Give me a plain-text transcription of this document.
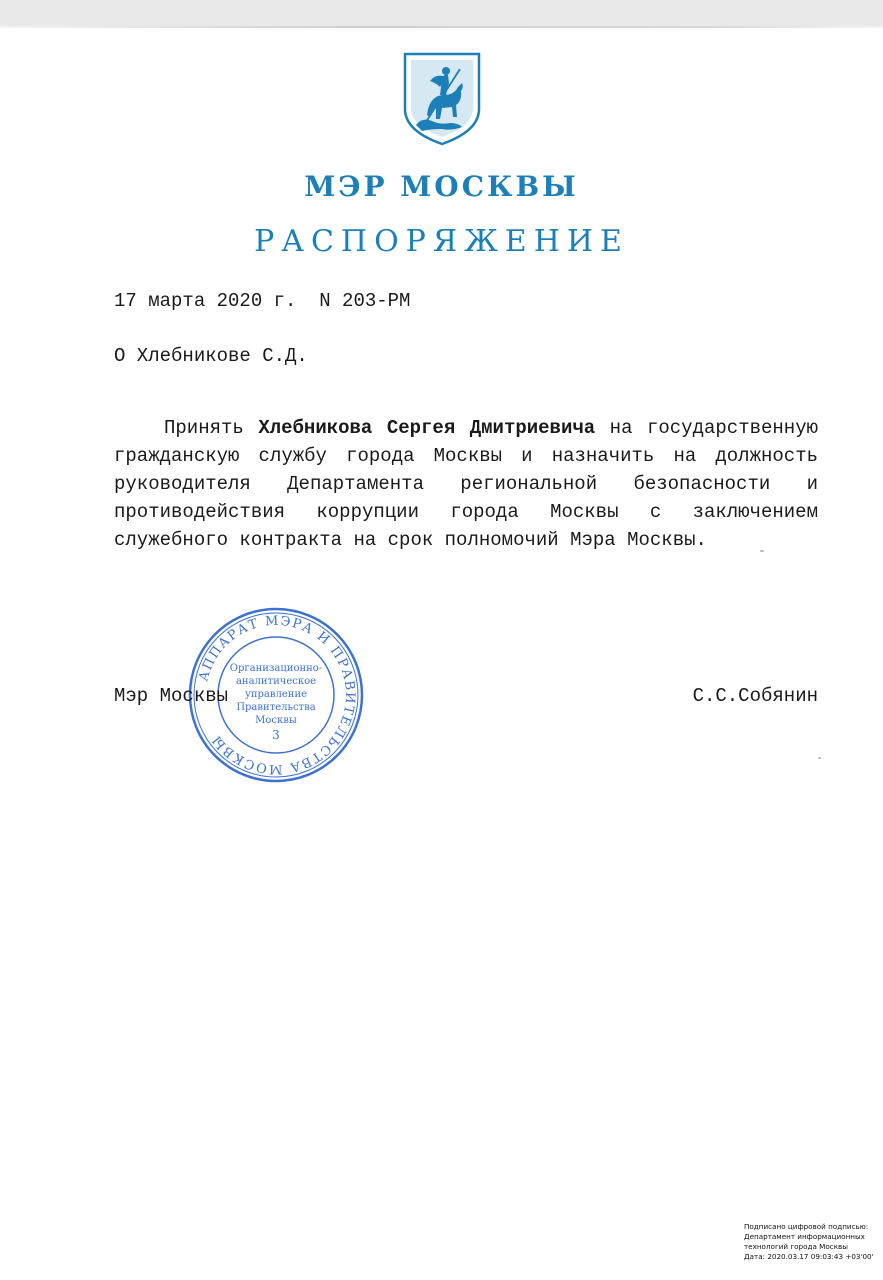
МЭР МОСКВЫ
РАСПОРЯЖЕНИЕ
17 марта 2020 г.  N 203-РМ
О Хлебникове С.Д.
Принять Хлебникова Сергея Дмитриевича на государственную гражданскую службу города Москвы и назначить на должность руководителя Департамента региональной безопасности и противодействия коррупции города Москвы с заключением служебного контракта на срок полномочий Мэра Москвы.
АППАРАТ МЭРА И ПРАВИТЕЛЬСТВА МОСКВЫ
Организационно-
аналитическое
управление
Правительства
Москвы
3
Мэр Москвы	С.С.Собянин
Подписано цифровой подписью:
Департамент информационных
технологий города Москвы
Дата: 2020.03.17 09:03:43 +03'00'
